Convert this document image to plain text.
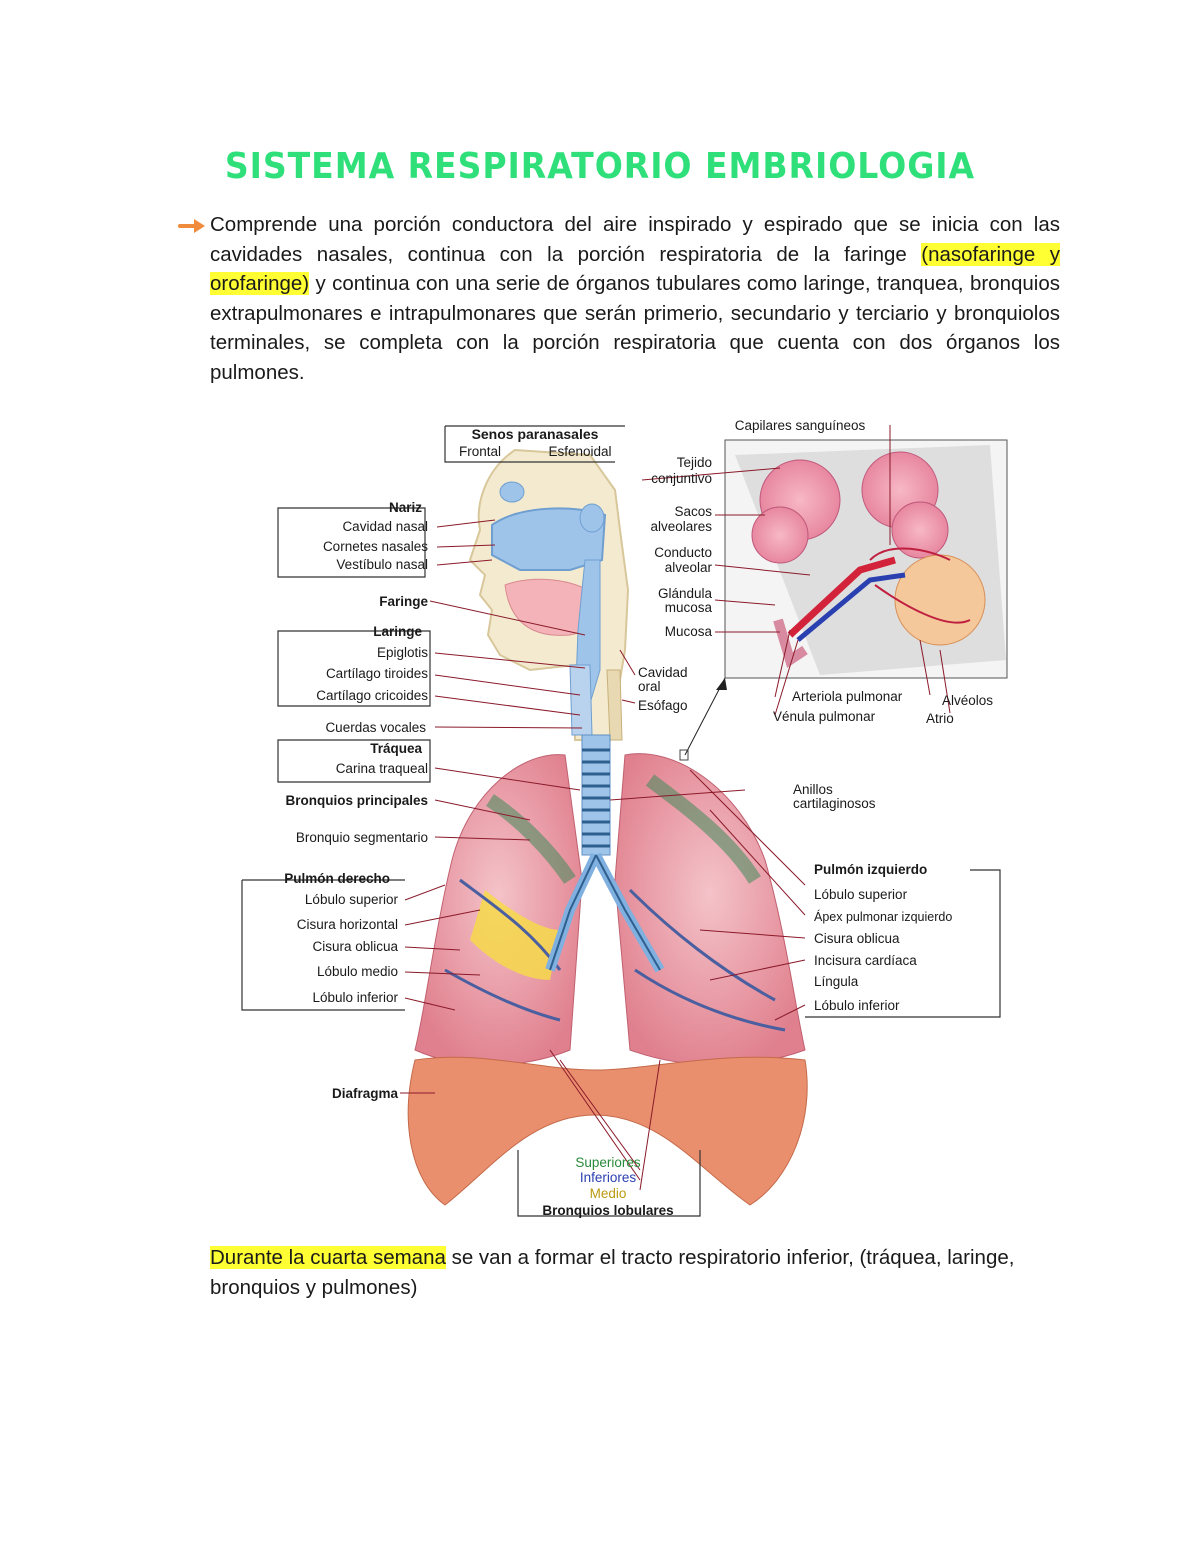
SISTEMA RESPIRATORIO EMBRIOLOGIA

Comprende una porción conductora del aire inspirado y espirado que se inicia con las cavidades nasales, continua con la porción respiratoria de la faringe (nasofaringe y orofaringe) y continua con una serie de órganos tubulares como laringe, tranquea, bronquios extrapulmonares e intrapulmonares que serán primerio, secundario y terciario y bronquiolos terminales, se completa con la porción respiratoria que cuenta con dos órganos los pulmones.

Senos paranasales
Frontal	Esfenoidal
Nariz
Cavidad nasal
Cornetes nasales
Vestíbulo nasal
Faringe
Laringe
Epiglotis
Cartílago tiroides
Cartílago cricoides
Cuerdas vocales
Tráquea
Carina traqueal
Bronquios principales
Bronquio segmentario
Pulmón derecho
Lóbulo superior
Cisura horizontal
Cisura oblicua
Lóbulo medio
Lóbulo inferior
Diafragma
Capilares sanguíneos
Tejido
conjuntivo
Sacos
alveolares
Conducto
alveolar
Glándula
mucosa
Mucosa
Arteriola pulmonar
Vénula pulmonar
Alvéolos
Atrio
Cavidad
oral
Esófago
Anillos
cartilaginosos
Pulmón izquierdo
Lóbulo superior
Ápex pulmonar izquierdo
Cisura oblicua
Incisura cardíaca
Língula
Lóbulo inferior
Superiores
Inferiores
Medio
Bronquios lobulares

Durante la cuarta semana se van a formar el tracto respiratorio inferior, (tráquea, laringe, bronquios y pulmones)
